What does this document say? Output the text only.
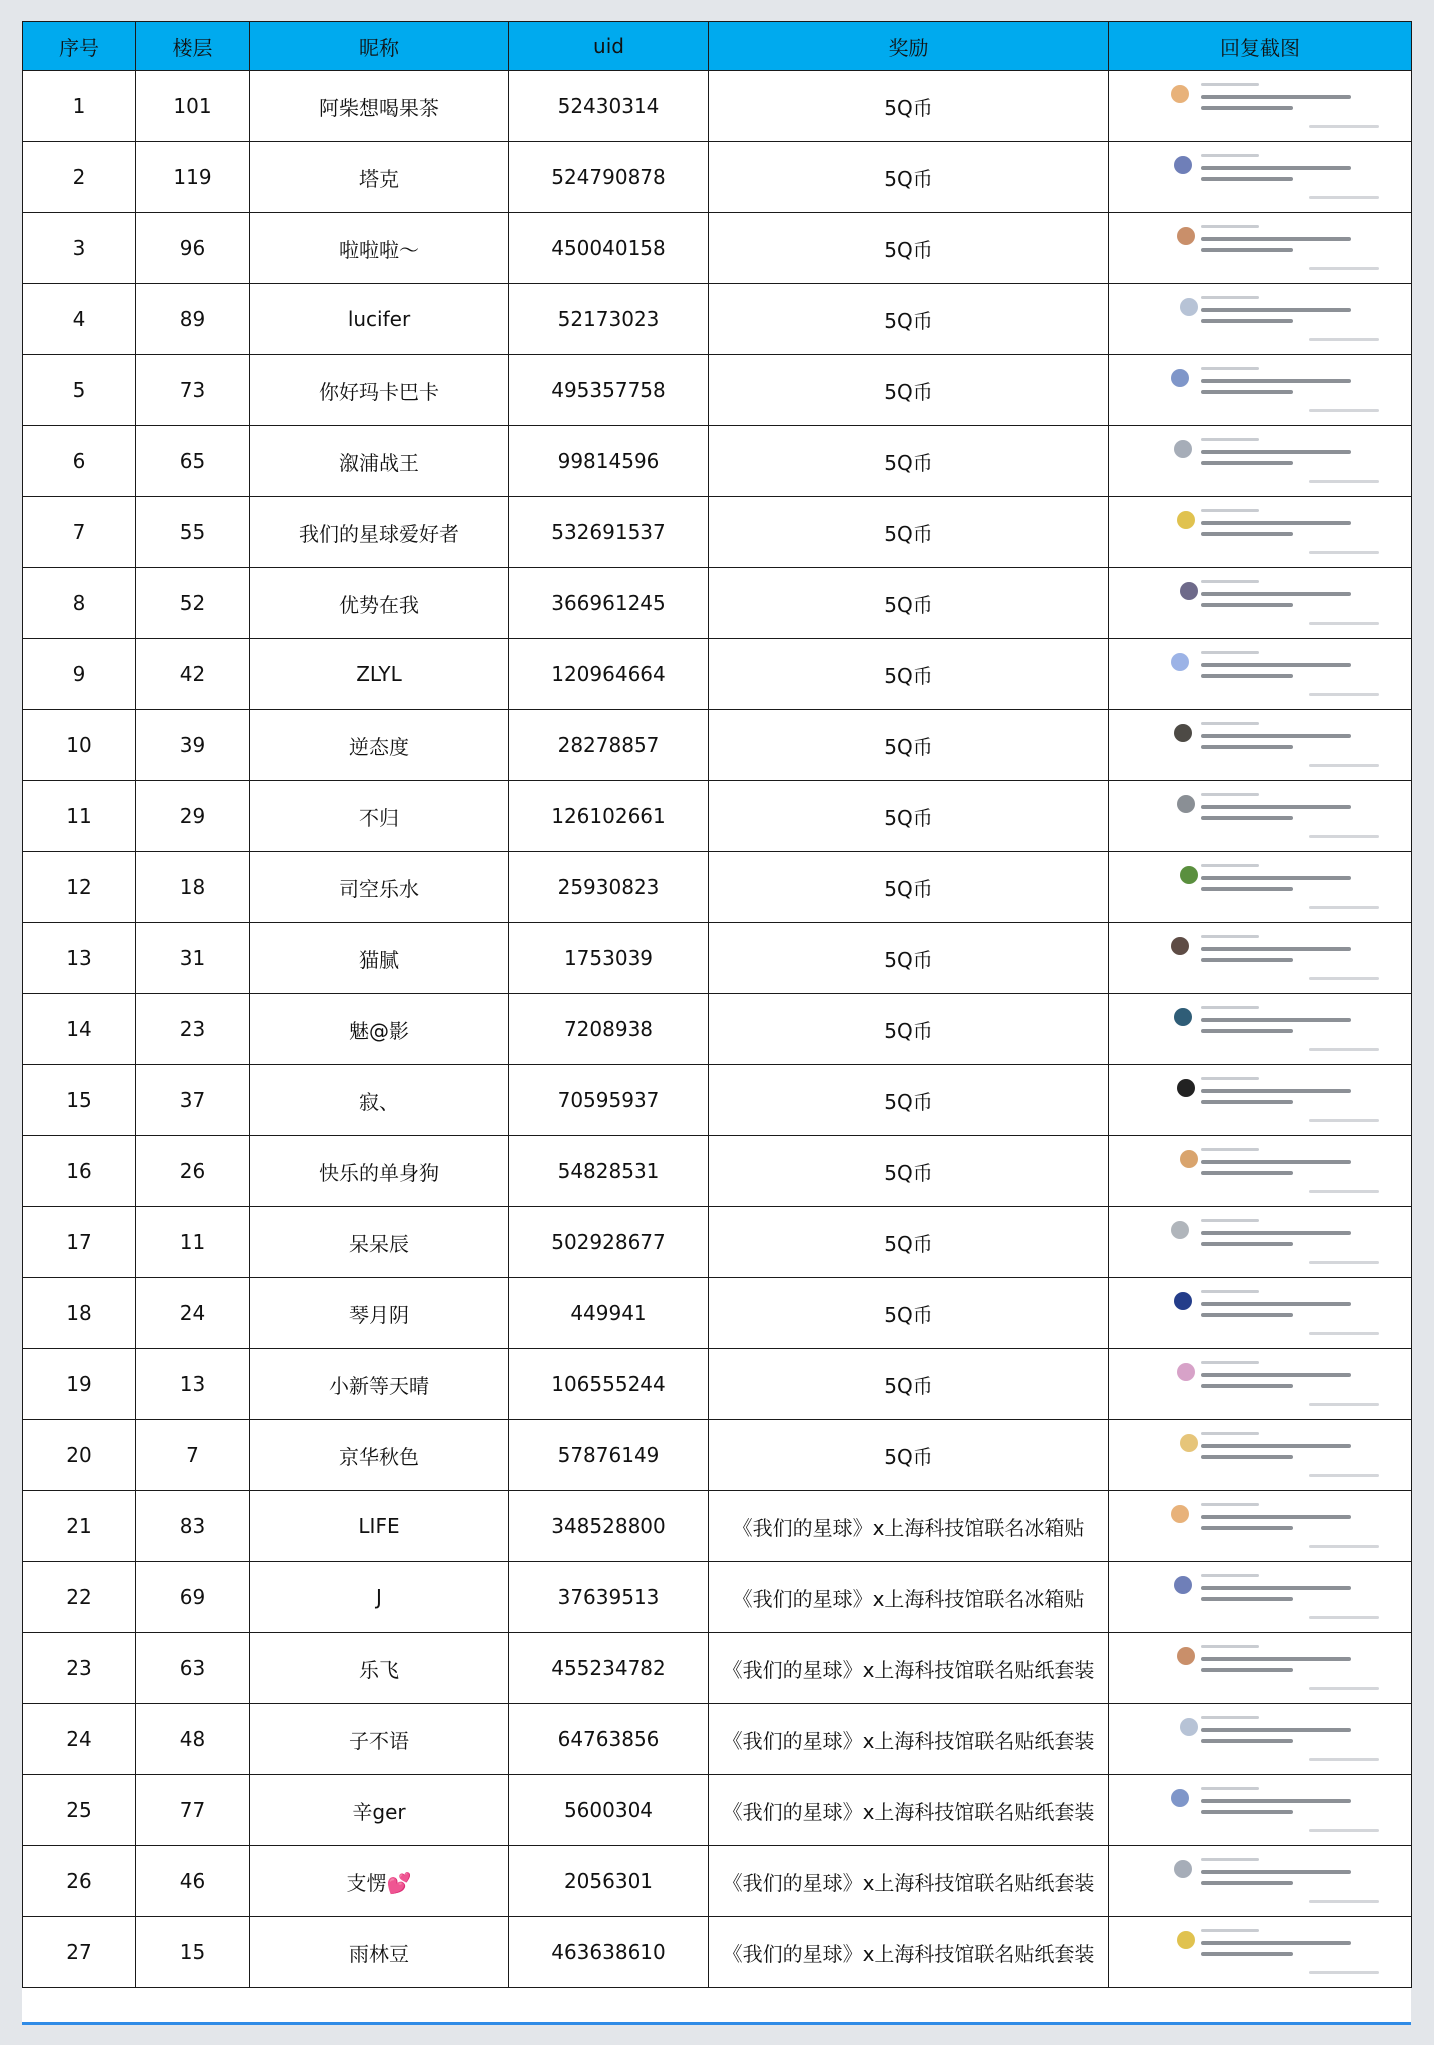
序号	楼层	昵称	uid	奖励	回复截图
1	101	阿柴想喝果茶	52430314	5Q币	

2	119	塔克	524790878	5Q币	

3	96	啦啦啦～	450040158	5Q币	

4	89	lucifer	52173023	5Q币	

5	73	你好玛卡巴卡	495357758	5Q币	

6	65	溆浦战王	99814596	5Q币	

7	55	我们的星球爱好者	532691537	5Q币	

8	52	优势在我	366961245	5Q币	

9	42	ZLYL	120964664	5Q币	

10	39	逆态度	28278857	5Q币	

11	29	不归	126102661	5Q币	

12	18	司空乐水	25930823	5Q币	

13	31	猫腻	1753039	5Q币	

14	23	魅@影	7208938	5Q币	

15	37	寂、	70595937	5Q币	

16	26	快乐的单身狗	54828531	5Q币	

17	11	呆呆辰	502928677	5Q币	

18	24	琴月阴	449941	5Q币	

19	13	小新等天晴	106555244	5Q币	

20	7	京华秋色	57876149	5Q币	

21	83	LIFE	348528800	《我们的星球》x上海科技馆联名冰箱贴	

22	69	J	37639513	《我们的星球》x上海科技馆联名冰箱贴	

23	63	乐飞	455234782	《我们的星球》x上海科技馆联名贴纸套装	

24	48	子不语	64763856	《我们的星球》x上海科技馆联名贴纸套装	

25	77	辛ger	5600304	《我们的星球》x上海科技馆联名贴纸套装	

26	46	支愣💕	2056301	《我们的星球》x上海科技馆联名贴纸套装	

27	15	雨林豆	463638610	《我们的星球》x上海科技馆联名贴纸套装	
